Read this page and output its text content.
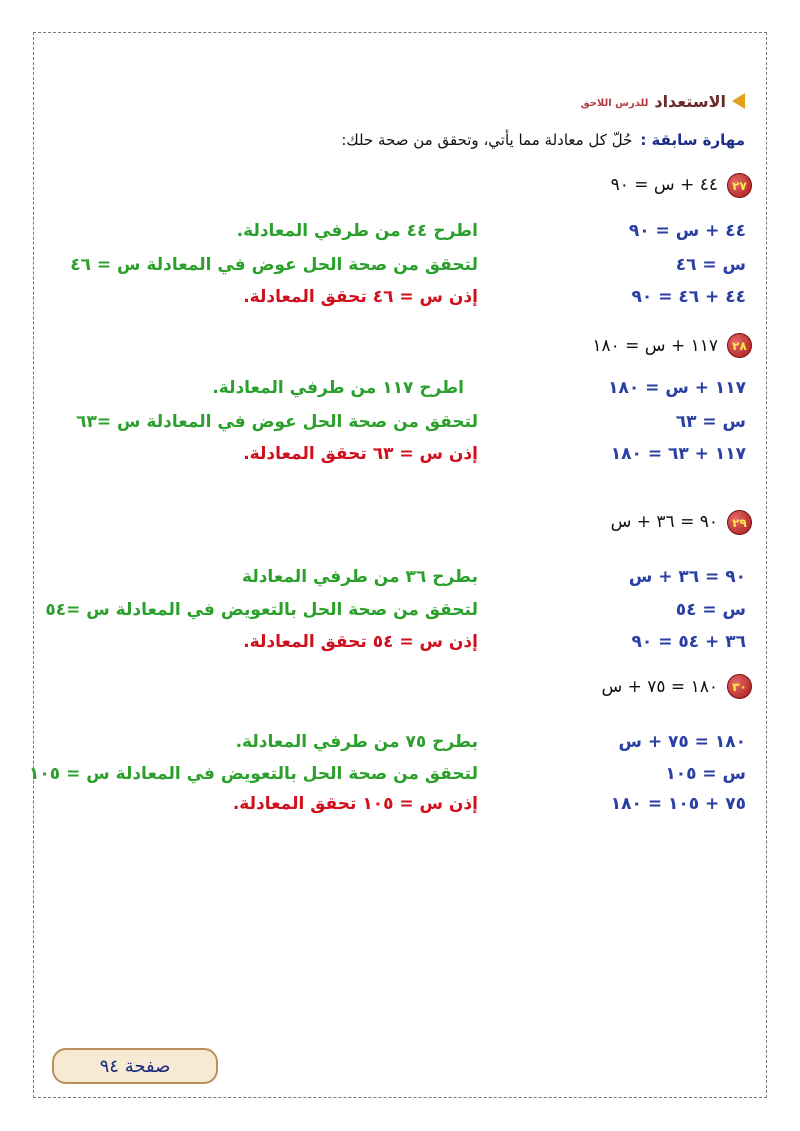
الاستعداد
للدرس اللاحق
مهارة سابقة :
حُلّ كل معادلة مما يأتي، وتحقق من صحة حلك:
٢٧
٤٤ + س = ٩٠
٤٤ + س = ٩٠
س = ٤٦
٤٤ + ٤٦ = ٩٠
اطرح ٤٤ من طرفي المعادلة.
لتحقق من صحة الحل عوض في المعادلة س = ٤٦
إذن س = ٤٦ تحقق المعادلة.
٢٨
١١٧ + س = ١٨٠
١١٧ + س = ١٨٠
س = ٦٣
١١٧ + ٦٣ = ١٨٠
اطرح ١١٧ من طرفي المعادلة.
لتحقق من صحة الحل عوض في المعادلة س =٦٣
إذن س = ٦٣ تحقق المعادلة.
٢٩
٩٠ = ٣٦ + س
٩٠ = ٣٦ + س
س = ٥٤
٣٦ + ٥٤ = ٩٠
بطرح ٣٦ من طرفي المعادلة
لتحقق من صحة الحل بالتعويض في المعادلة س =٥٤
إذن س = ٥٤ تحقق المعادلة.
٣٠
١٨٠ = ٧٥ + س
١٨٠ = ٧٥ + س
س = ١٠٥
٧٥ + ١٠٥ = ١٨٠
بطرح ٧٥ من طرفي المعادلة.
لتحقق من صحة الحل بالتعويض في المعادلة س = ١٠٥
إذن س = ١٠٥ تحقق المعادلة.
صفحة ٩٤
